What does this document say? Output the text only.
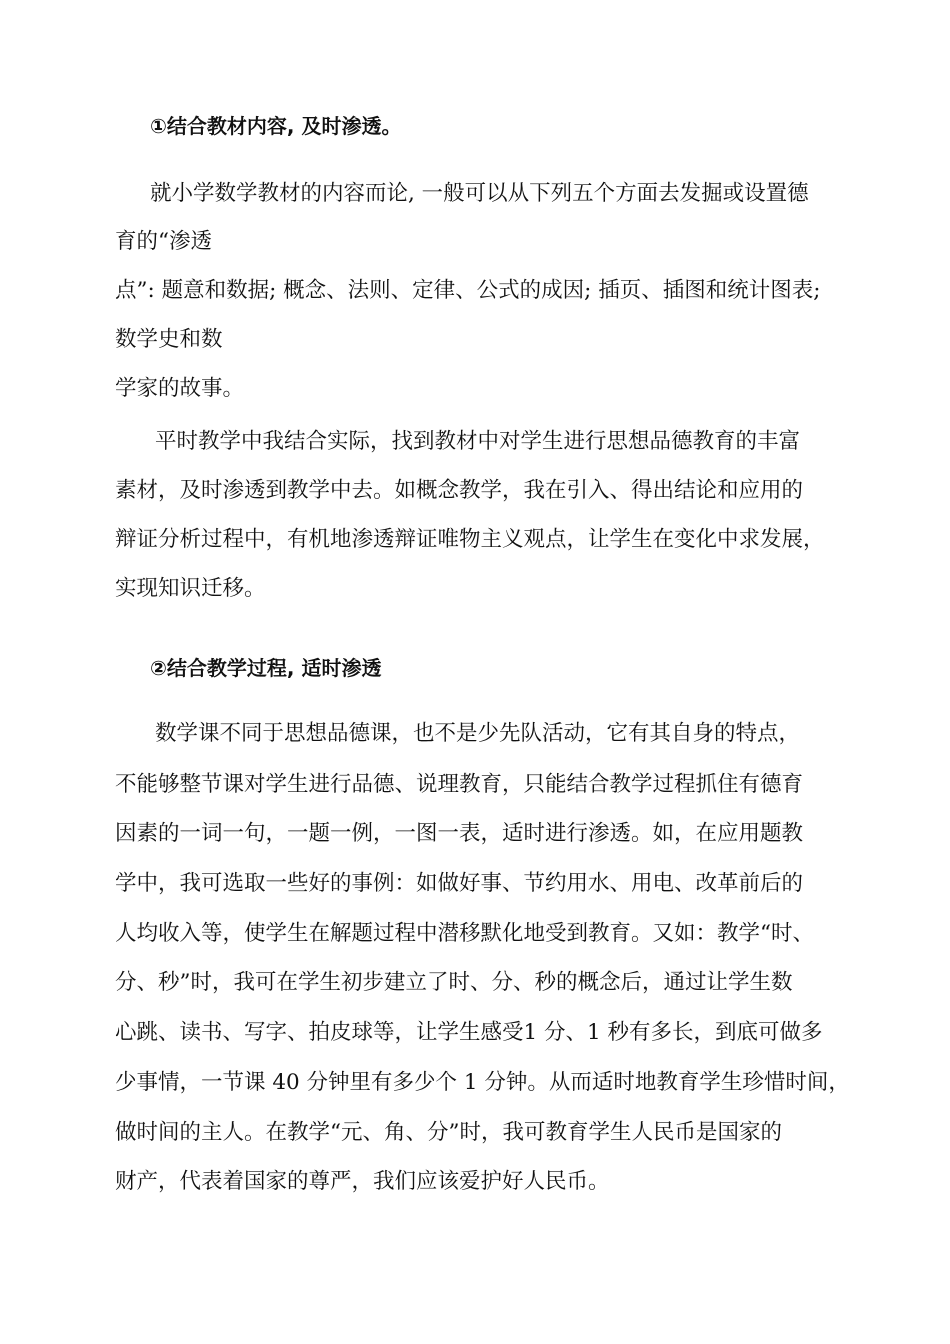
①结合教材内容, 及时渗透。
就小学数学教材的内容而论, 一般可以从下列五个方面去发掘或设置德
育的“渗透
点”: 题意和数据; 概念、法则、定律、公式的成因; 插页、插图和统计图表;
数学史和数
学家的故事。
平时教学中我结合实际，找到教材中对学生进行思想品德教育的丰富
素材，及时渗透到教学中去。如概念教学，我在引入、得出结论和应用的
辩证分析过程中，有机地渗透辩证唯物主义观点，让学生在变化中求发展，
实现知识迁移。
②结合教学过程, 适时渗透
数学课不同于思想品德课，也不是少先队活动，它有其自身的特点，
不能够整节课对学生进行品德、说理教育，只能结合教学过程抓住有德育
因素的一词一句，一题一例，一图一表，适时进行渗透。如，在应用题教
学中，我可选取一些好的事例：如做好事、节约用水、用电、改革前后的
人均收入等，使学生在解题过程中潜移默化地受到教育。又如：教学“时、
分、秒”时，我可在学生初步建立了时、分、秒的概念后，通过让学生数
心跳、读书、写字、拍皮球等，让学生感受1 分、1 秒有多长，到底可做多
少事情，一节课 40 分钟里有多少个 1 分钟。从而适时地教育学生珍惜时间，
做时间的主人。在教学“元、角、分”时，我可教育学生人民币是国家的
财产，代表着国家的尊严，我们应该爱护好人民币。
